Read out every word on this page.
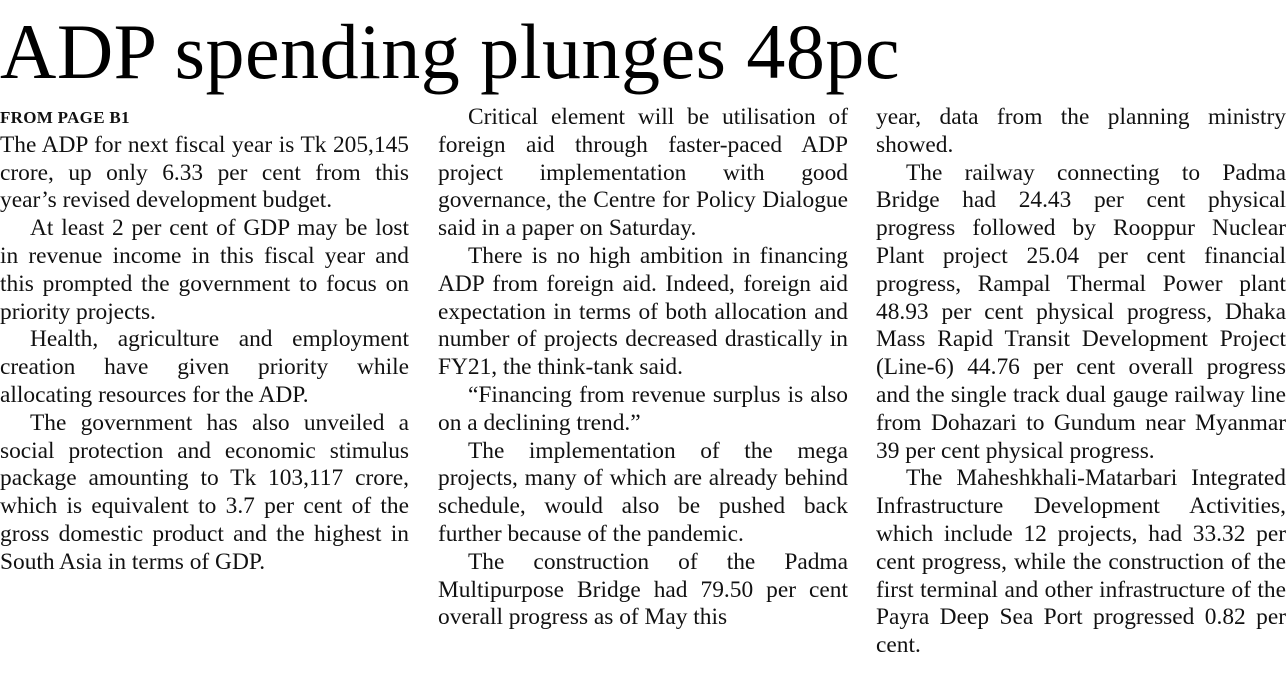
ADP spending plunges 48pc
FROM PAGE B1

The ADP for next fiscal year is Tk 205,145 crore, up only 6.33 per cent from this year’s revised development budget.

At least 2 per cent of GDP may be lost in revenue income in this fiscal year and this prompted the government to focus on priority projects.

Health, agriculture and employment creation have given priority while allocating resources for the ADP.

The government has also unveiled a social protection and economic stimulus package amounting to Tk 103,117 crore, which is equivalent to 3.7 per cent of the gross domestic product and the highest in South Asia in terms of GDP.

Critical element will be utilisation of foreign aid through faster-paced ADP project implementation with good governance, the Centre for Policy Dialogue said in a paper on Saturday.

There is no high ambition in financing ADP from foreign aid. Indeed, foreign aid expectation in terms of both allocation and number of projects decreased drastically in FY21, the think-tank said.

“Financing from revenue surplus is also on a declining trend.”

The implementation of the mega projects, many of which are already behind schedule, would also be pushed back further because of the pandemic.

The construction of the Padma Multipurpose Bridge had 79.50 per cent overall progress as of May this

year, data from the planning ministry showed.

The railway connecting to Padma Bridge had 24.43 per cent physical progress followed by Rooppur Nuclear Plant project 25.04 per cent financial progress, Rampal Thermal Power plant 48.93 per cent physical progress, Dhaka Mass Rapid Transit Development Project (Line-6) 44.76 per cent overall progress and the single track dual gauge railway line from Dohazari to Gundum near Myanmar 39 per cent physical progress.

The Maheshkhali-Matarbari Integrated Infrastructure Development Activities, which include 12 projects, had 33.32 per cent progress, while the construction of the first terminal and other infrastructure of the Payra Deep Sea Port progressed 0.82 per cent.
